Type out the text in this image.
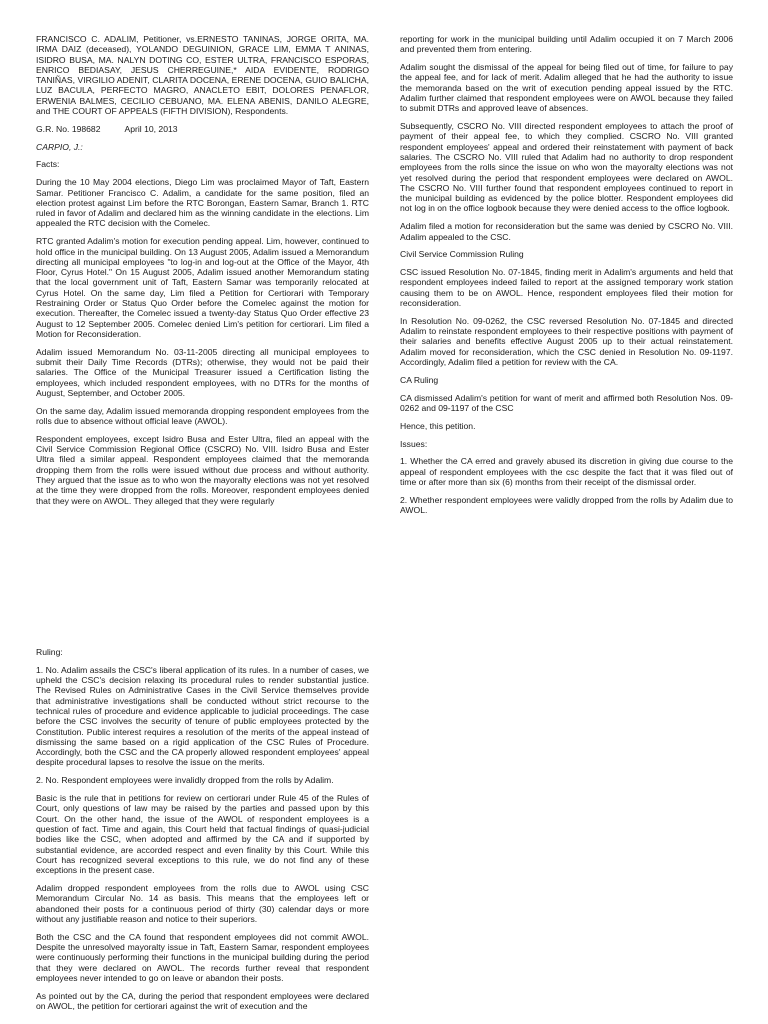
FRANCISCO C. ADALIM, Petitioner, vs.ERNESTO TANINAS, JORGE ORITA, MA. IRMA DAIZ (deceased), YOLANDO DEGUINION, GRACE LIM, EMMA T ANINAS, ISIDRO BUSA, MA. NALYN DOTING CO, ESTER ULTRA, FRANCISCO ESPORAS, ENRICO BEDIASAY, JESUS CHERREGUINE,* AIDA EVIDENTE, RODRIGO TANIÑAS, VIRGILIO ADENIT, CLARITA DOCENA, ERENE DOCENA, GUIO BALICHA, LUZ BACULA, PERFECTO MAGRO, ANACLETO EBIT, DOLORES PENAFLOR, ERWENIA BALMES, CECILIO CEBUANO, MA. ELENA ABENIS, DANILO ALEGRE, and THE COURT OF APPEALS (FIFTH DIVISION), Respondents.

G.R. No. 198682	April 10, 2013

CARPIO, J.:

Facts:

During the 10 May 2004 elections, Diego Lim was proclaimed Mayor of Taft, Eastern Samar. Petitioner Francisco C. Adalim, a candidate for the same position, filed an election protest against Lim before the RTC Borongan, Eastern Samar, Branch 1. RTC ruled in favor of Adalim and declared him as the winning candidate in the elections. Lim appealed the RTC decision with the Comelec.

RTC granted Adalim's motion for execution pending appeal. Lim, however, continued to hold office in the municipal building. On 13 August 2005, Adalim issued a Memorandum directing all municipal employees "to log-in and log-out at the Office of the Mayor, 4th Floor, Cyrus Hotel." On 15 August 2005, Adalim issued another Memorandum stating that the local government unit of Taft, Eastern Samar was temporarily relocated at Cyrus Hotel. On the same day, Lim filed a Petition for Certiorari with Temporary Restraining Order or Status Quo Order before the Comelec against the motion for execution. Thereafter, the Comelec issued a twenty-day Status Quo Order effective 23 August to 12 September 2005. Comelec denied Lim's petition for certiorari. Lim filed a Motion for Reconsideration.

Adalim issued Memorandum No. 03-11-2005 directing all municipal employees to submit their Daily Time Records (DTRs); otherwise, they would not be paid their salaries. The Office of the Municipal Treasurer issued a Certification listing the employees, which included respondent employees, with no DTRs for the months of August, September, and October 2005.

On the same day, Adalim issued memoranda dropping respondent employees from the rolls due to absence without official leave (AWOL).

Respondent employees, except Isidro Busa and Ester Ultra, filed an appeal with the Civil Service Commission Regional Office (CSCRO) No. VIII. Isidro Busa and Ester Ultra filed a similar appeal. Respondent employees claimed that the memoranda dropping them from the rolls were issued without due process and without authority. They argued that the issue as to who won the mayoralty elections was not yet resolved at the time they were dropped from the rolls. Moreover, respondent employees denied that they were on AWOL. They alleged that they were regularly

reporting for work in the municipal building until Adalim occupied it on 7 March 2006 and prevented them from entering.

Adalim sought the dismissal of the appeal for being filed out of time, for failure to pay the appeal fee, and for lack of merit. Adalim alleged that he had the authority to issue the memoranda based on the writ of execution pending appeal issued by the RTC. Adalim further claimed that respondent employees were on AWOL because they failed to submit DTRs and approved leave of absences.

Subsequently, CSCRO No. VIII directed respondent employees to attach the proof of payment of their appeal fee, to which they complied. CSCRO No. VIII granted respondent employees' appeal and ordered their reinstatement with payment of back salaries. The CSCRO No. VIII ruled that Adalim had no authority to drop respondent employees from the rolls since the issue on who won the mayoralty elections was not yet resolved during the period that respondent employees were declared on AWOL. The CSCRO No. VIII further found that respondent employees continued to report in the municipal building as evidenced by the police blotter. Respondent employees did not log in on the office logbook because they were denied access to the office logbook.

Adalim filed a motion for reconsideration but the same was denied by CSCRO No. VIII. Adalim appealed to the CSC.

Civil Service Commission Ruling

CSC issued Resolution No. 07-1845, finding merit in Adalim's arguments and held that respondent employees indeed failed to report at the assigned temporary work station causing them to be on AWOL. Hence, respondent employees filed their motion for reconsideration.

In Resolution No. 09-0262, the CSC reversed Resolution No. 07-1845 and directed Adalim to reinstate respondent employees to their respective positions with payment of their salaries and benefits effective August 2005 up to their actual reinstatement. Adalim moved for reconsideration, which the CSC denied in Resolution No. 09-1197. Accordingly, Adalim filed a petition for review with the CA.

CA Ruling

CA dismissed Adalim's petition for want of merit and affirmed both Resolution Nos. 09-0262 and 09-1197 of the CSC

Hence, this petition.

Issues:

1. Whether the CA erred and gravely abused its discretion in giving due course to the appeal of respondent employees with the csc despite the fact that it was filed out of time or after more than six (6) months from their receipt of the dismissal order.

2. Whether respondent employees were validly dropped from the rolls by Adalim due to AWOL.

Ruling:

1. No. Adalim assails the CSC's liberal application of its rules. In a number of cases, we upheld the CSC's decision relaxing its procedural rules to render substantial justice. The Revised Rules on Administrative Cases in the Civil Service themselves provide that administrative investigations shall be conducted without strict recourse to the technical rules of procedure and evidence applicable to judicial proceedings. The case before the CSC involves the security of tenure of public employees protected by the Constitution. Public interest requires a resolution of the merits of the appeal instead of dismissing the same based on a rigid application of the CSC Rules of Procedure. Accordingly, both the CSC and the CA properly allowed respondent employees' appeal despite procedural lapses to resolve the issue on the merits.

2. No. Respondent employees were invalidly dropped from the rolls by Adalim.

Basic is the rule that in petitions for review on certiorari under Rule 45 of the Rules of Court, only questions of law may be raised by the parties and passed upon by this Court. On the other hand, the issue of the AWOL of respondent employees is a question of fact. Time and again, this Court held that factual findings of quasi-judicial bodies like the CSC, when adopted and affirmed by the CA and if supported by substantial evidence, are accorded respect and even finality by this Court. While this Court has recognized several exceptions to this rule, we do not find any of these exceptions in the present case.

Adalim dropped respondent employees from the rolls due to AWOL using CSC Memorandum Circular No. 14 as basis. This means that the employees left or abandoned their posts for a continuous period of thirty (30) calendar days or more without any justifiable reason and notice to their superiors.

Both the CSC and the CA found that respondent employees did not commit AWOL. Despite the unresolved mayoralty issue in Taft, Eastern Samar, respondent employees were continuously performing their functions in the municipal building during the period that they were declared on AWOL. The records further reveal that respondent employees never intended to go on leave or abandon their posts.

As pointed out by the CA, during the period that respondent employees were declared on AWOL, the petition for certiorari against the writ of execution and the
